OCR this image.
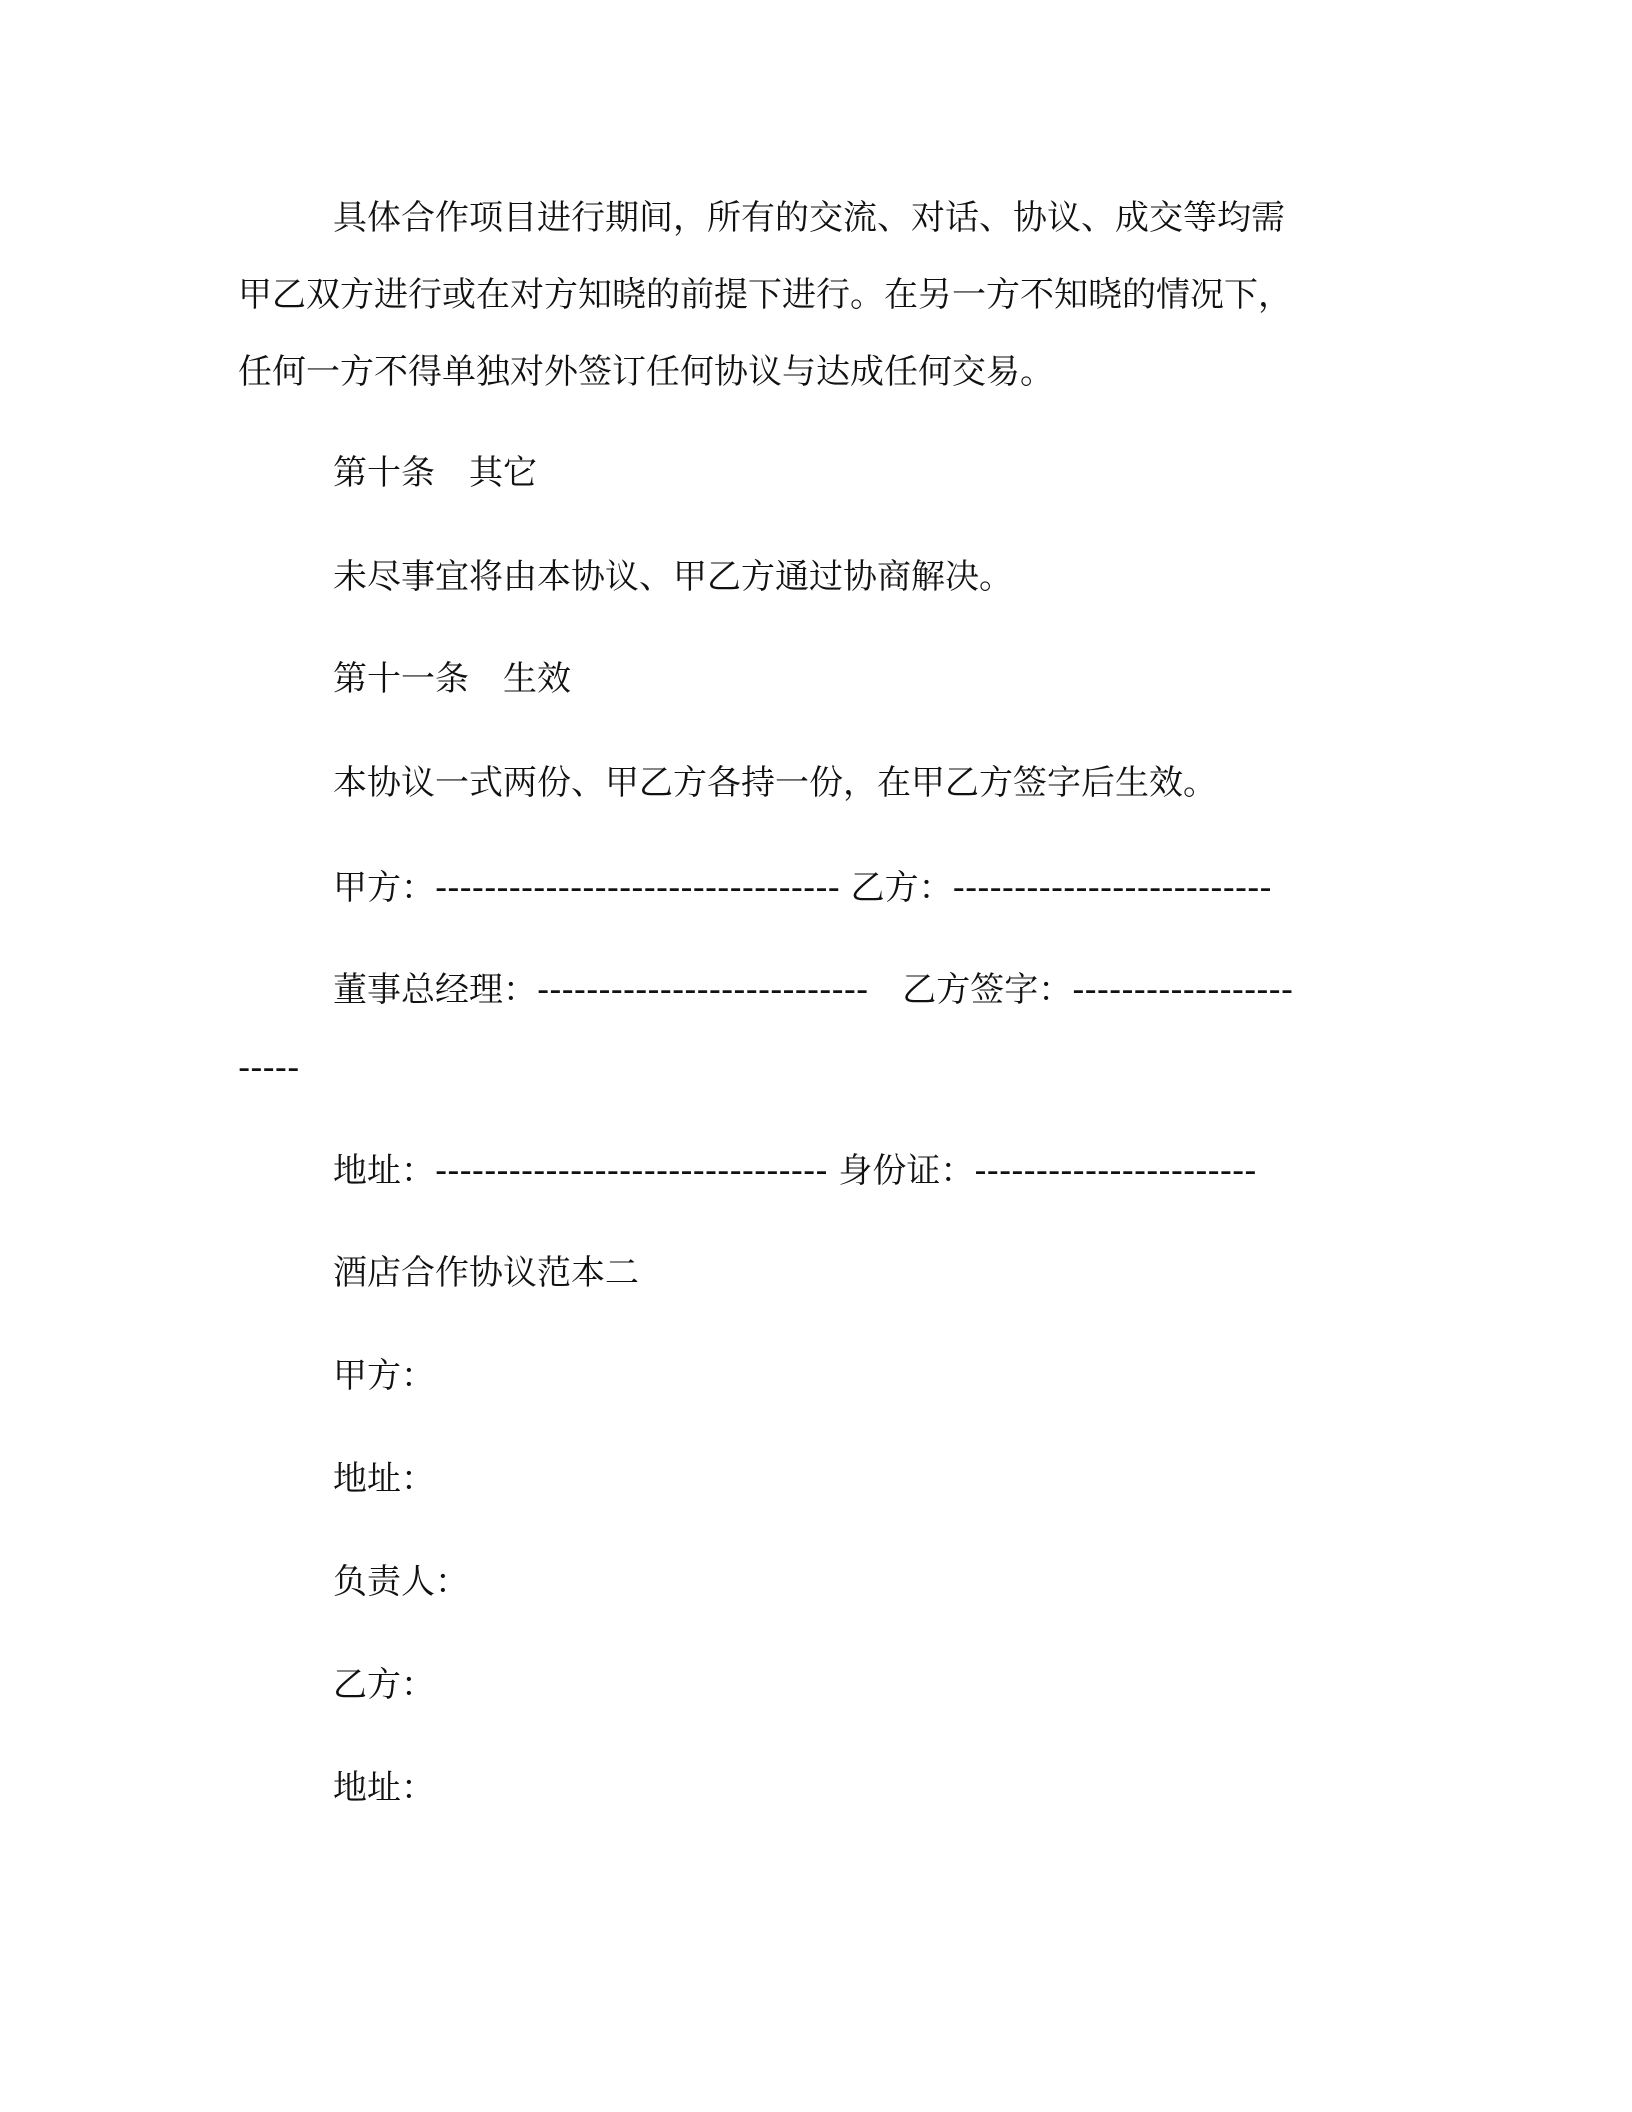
具体合作项目进行期间，所有的交流、对话、协议、成交等均需
甲乙双方进行或在对方知晓的前提下进行。在另一方不知晓的情况下，
任何一方不得单独对外签订任何协议与达成任何交易。
第十条　其它
未尽事宜将由本协议、甲乙方通过协商解决。
第十一条　生效
本协议一式两份、甲乙方各持一份，在甲乙方签字后生效。
甲方：--------------------------------- 乙方：--------------------------
董事总经理：---------------------------　乙方签字：------------------
-----
地址：-------------------------------- 身份证：-----------------------
酒店合作协议范本二
甲方：
地址：
负责人：
乙方：
地址：
